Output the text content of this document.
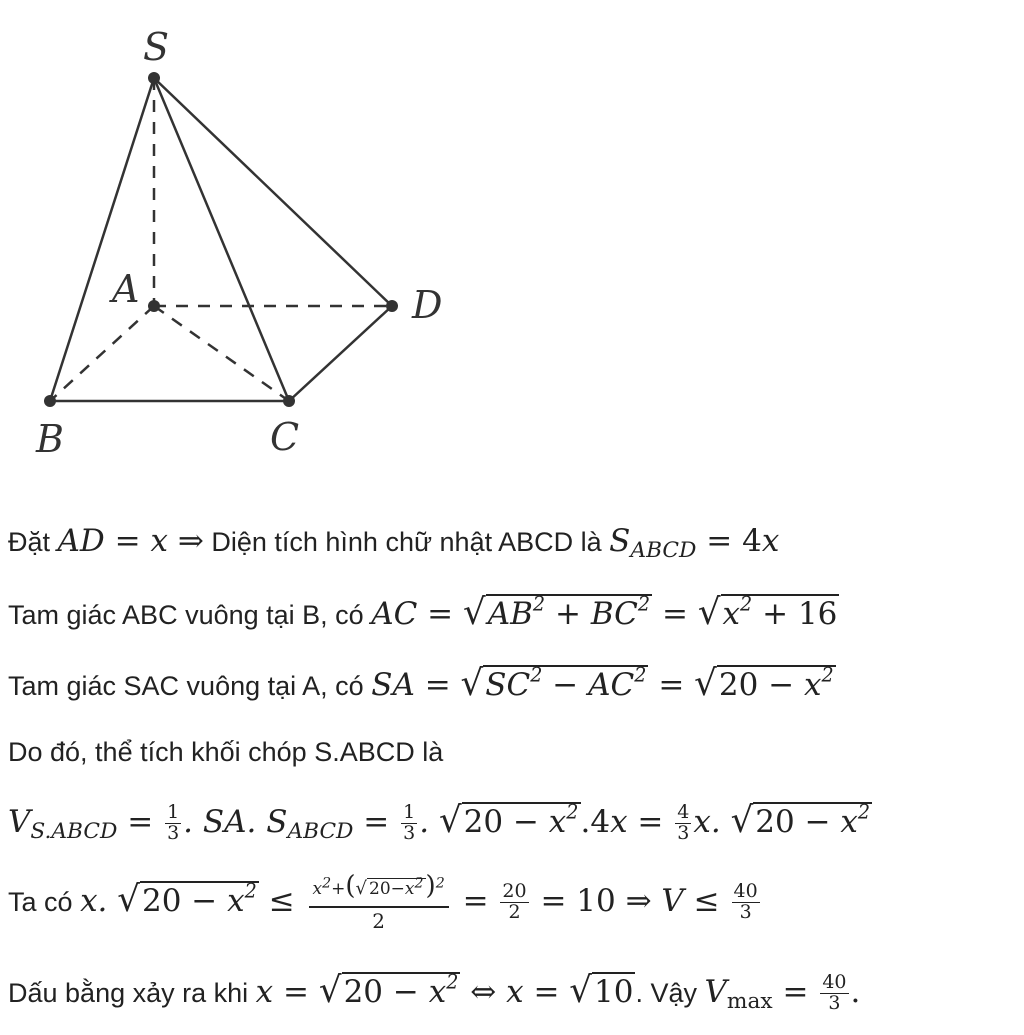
S
A
B	C
D
Đặt AD = x ⇒ Diện tích hình chữ nhật ABCD là $S_{ABCD} = 4x$
Tam giác ABC vuông tại B, có AC = $√AB^2 + BC^2 = √x^2 + 16$
Tam giác SAC vuông tại A, có SA = $√SC^2 - AC^2 = √20 - x^2$
Do đó, thể tích khối chóp S.ABCD là
$V_{S.ABCD} = \frac{1}{3}$ . SA. $S_{ABCD} = \frac{1}{3}$ . $√20 - x^2.4x = \frac{4}{3} x$. $√20 - x^2$
Ta có x. $√20 - x^2 \le \frac{x^2+(√ 20-x^2)^2}{2} = \frac{20}{2} = 10$ ⇒ $V \le \frac{40}{3}$
Dấu bằng xảy ra khi $x = √20 - x^2$ ⇔ x = √10. Vậy $V_{max} = \frac{40}{3}$ .
